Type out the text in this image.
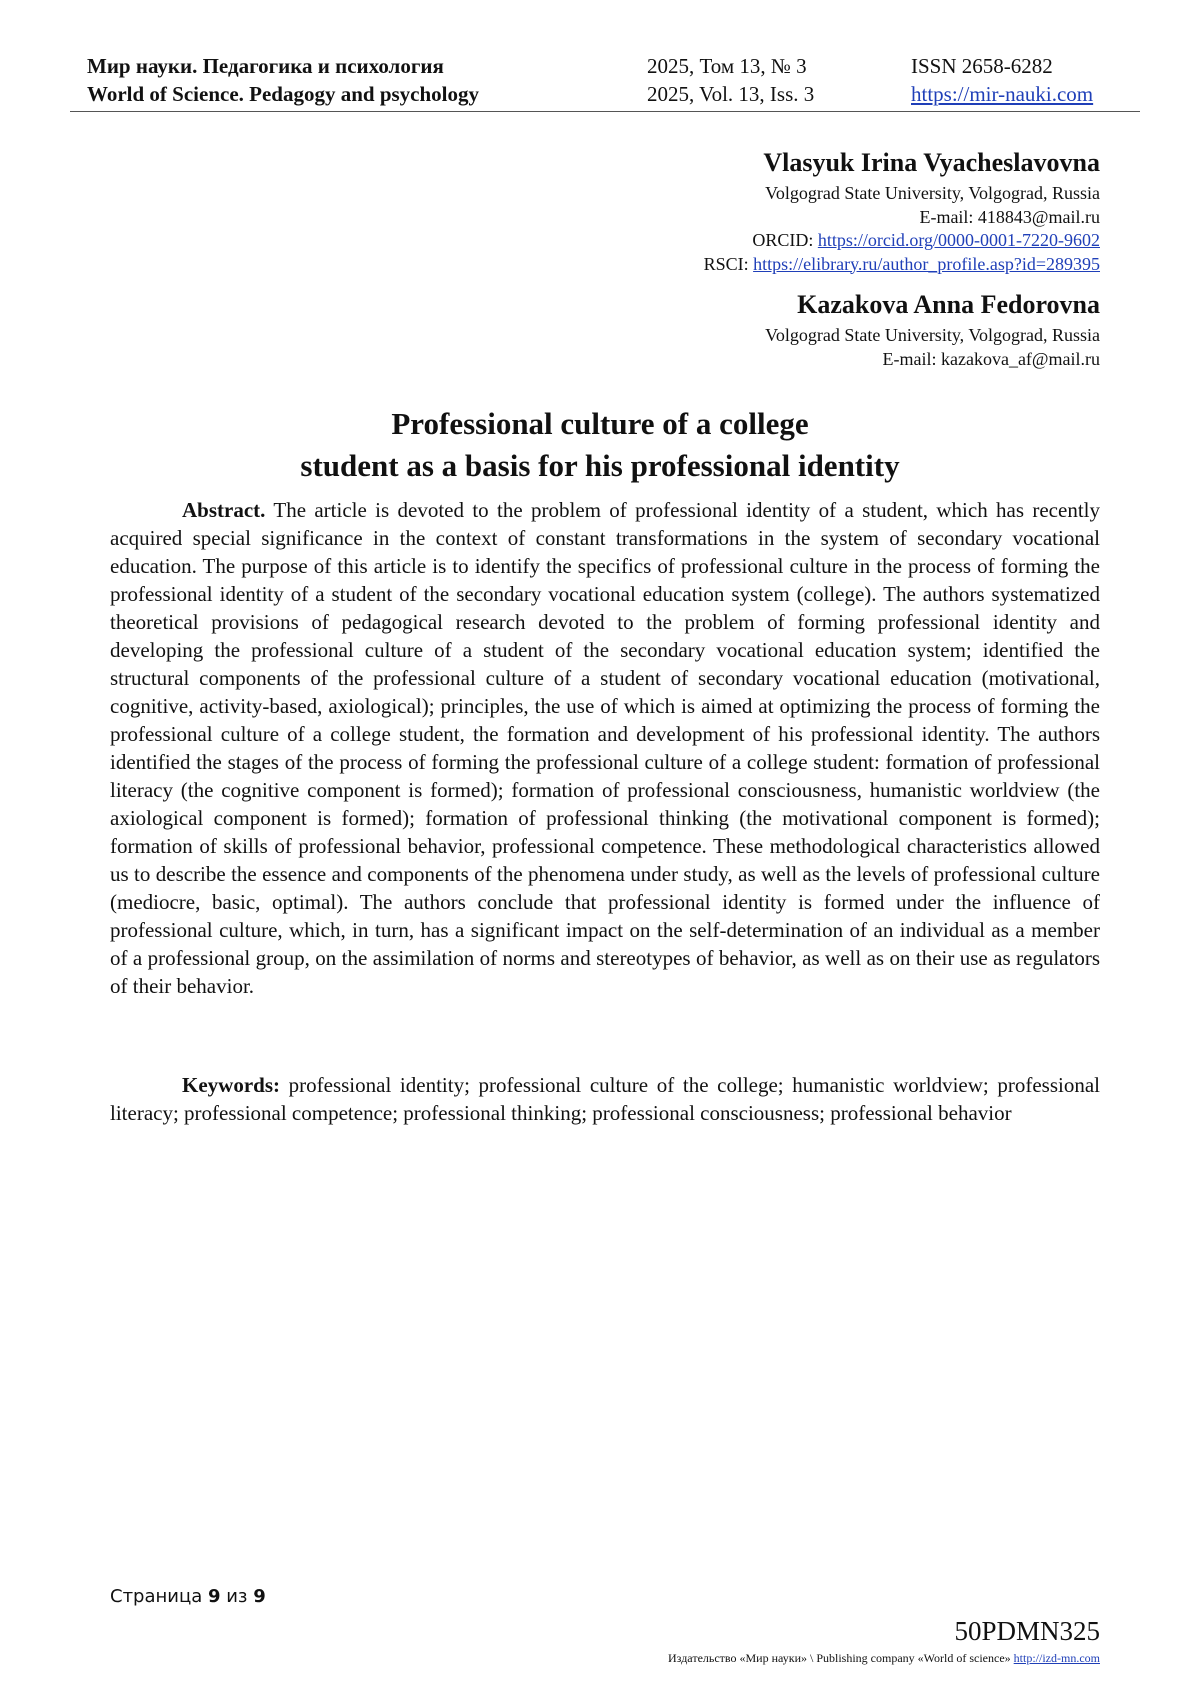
Мир науки. Педагогика и психология	2025, Том 13, № 3	ISSN 2658-6282
World of Science. Pedagogy and psychology	2025, Vol. 13, Iss. 3	https://mir-nauki.com
Vlasyuk Irina Vyacheslavovna
Volgograd State University, Volgograd, Russia
E-mail: 418843@mail.ru
ORCID: https://orcid.org/0000-0001-7220-9602
RSCI: https://elibrary.ru/author_profile.asp?id=289395
Kazakova Anna Fedorovna
Volgograd State University, Volgograd, Russia
E-mail: kazakova_af@mail.ru
Professional culture of a college
student as a basis for his professional identity
Abstract. The article is devoted to the problem of professional identity of a student, which has recently acquired special significance in the context of constant transformations in the system of secondary vocational education. The purpose of this article is to identify the specifics of professional culture in the process of forming the professional identity of a student of the secondary vocational education system (college). The authors systematized theoretical provisions of pedagogical research devoted to the problem of forming professional identity and developing the professional culture of a student of the secondary vocational education system; identified the structural components of the professional culture of a student of secondary vocational education (motivational, cognitive, activity-based, axiological); principles, the use of which is aimed at optimizing the process of forming the professional culture of a college student, the formation and development of his professional identity. The authors identified the stages of the process of forming the professional culture of a college student: formation of professional literacy (the cognitive component is formed); formation of professional consciousness, humanistic worldview (the axiological component is formed); formation of professional thinking (the motivational component is formed); formation of skills of professional behavior, professional competence. These methodological characteristics allowed us to describe the essence and components of the phenomena under study, as well as the levels of professional culture (mediocre, basic, optimal). The authors conclude that professional identity is formed under the influence of professional culture, which, in turn, has a significant impact on the self-determination of an individual as a member of a professional group, on the assimilation of norms and stereotypes of behavior, as well as on their use as regulators of their behavior.
Keywords: professional identity; professional culture of the college; humanistic worldview; professional literacy; professional competence; professional thinking; professional consciousness; professional behavior
Страница 9 из 9
50PDMN325
Издательство «Мир науки» \ Publishing company «World of science» http://izd-mn.com
